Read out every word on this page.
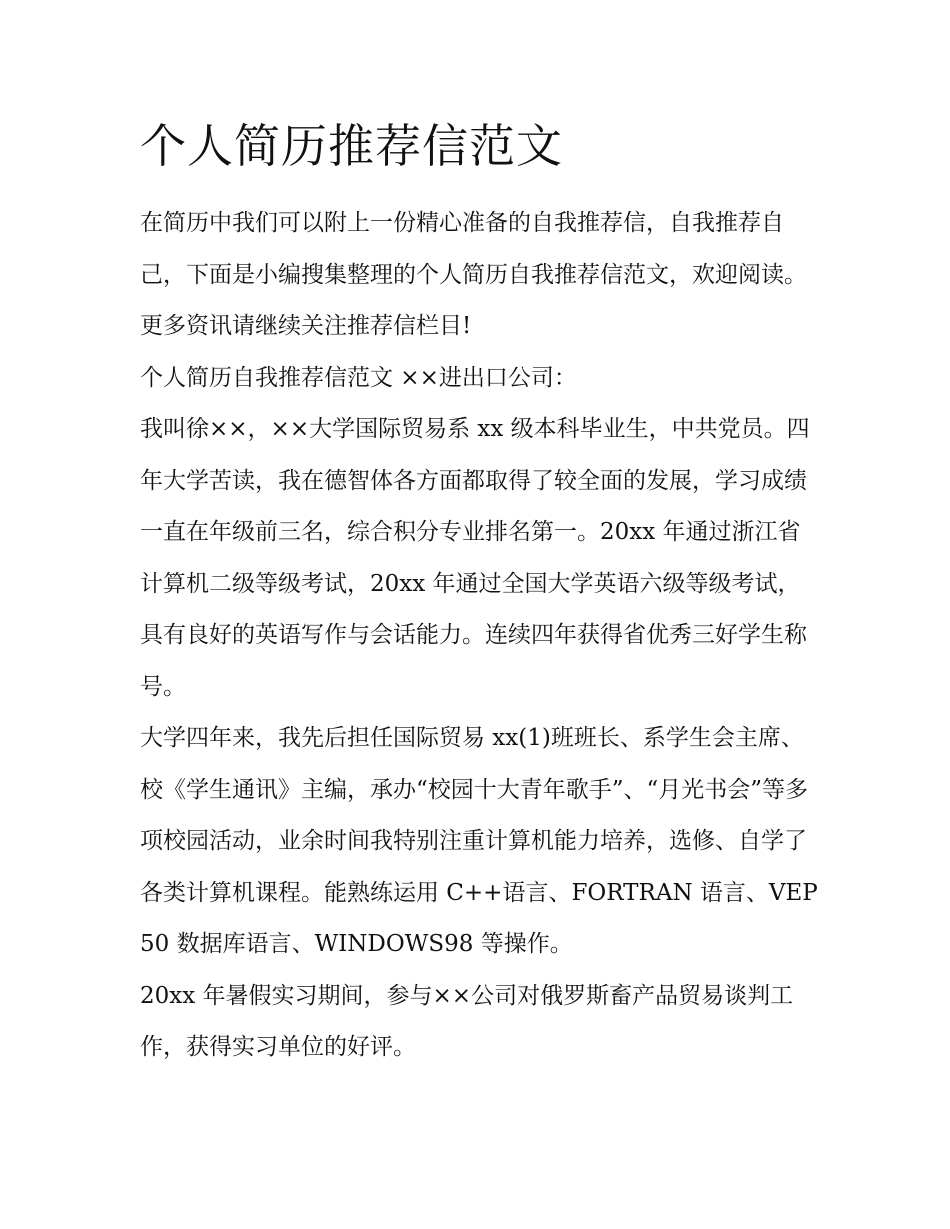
个人简历推荐信范文

在简历中我们可以附上一份精心准备的自我推荐信，自我推荐自己，下面是小编搜集整理的个人简历自我推荐信范文，欢迎阅读。更多资讯请继续关注推荐信栏目!

个人简历自我推荐信范文 ××进出口公司：

我叫徐××，××大学国际贸易系 xx 级本科毕业生，中共党员。四年大学苦读，我在德智体各方面都取得了较全面的发展，学习成绩一直在年级前三名，综合积分专业排名第一。20xx 年通过浙江省计算机二级等级考试，20xx 年通过全国大学英语六级等级考试，具有良好的英语写作与会话能力。连续四年获得省优秀三好学生称号。

大学四年来，我先后担任国际贸易 xx(1)班班长、系学生会主席、校《学生通讯》主编，承办“校园十大青年歌手”、“月光书会”等多项校园活动，业余时间我特别注重计算机能力培养，选修、自学了各类计算机课程。能熟练运用 C++语言、FORTRAN 语言、VEP50 数据库语言、WINDOWS98 等操作。

20xx 年暑假实习期间，参与××公司对俄罗斯畜产品贸易谈判工作，获得实习单位的好评。
